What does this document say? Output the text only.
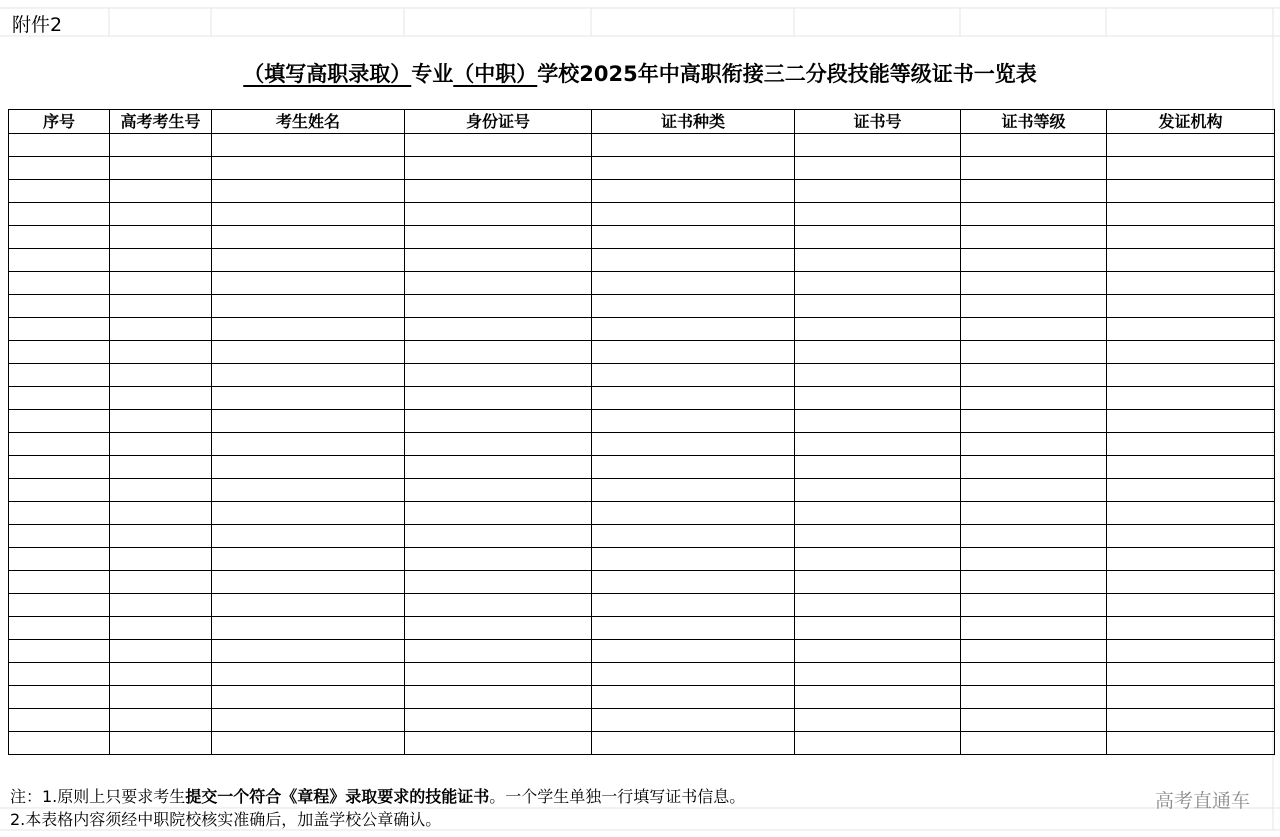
附件2
（填写高职录取）专业（中职）学校2025年中高职衔接三二分段技能等级证书一览表
序号	高考考生号	考生姓名	身份证号	证书种类	证书号	证书等级	发证机构

注：1.原则上只要求考生提交一个符合《章程》录取要求的技能证书。一个学生单独一行填写证书信息。
2.本表格内容须经中职院校核实准确后，加盖学校公章确认。
高考直通车
